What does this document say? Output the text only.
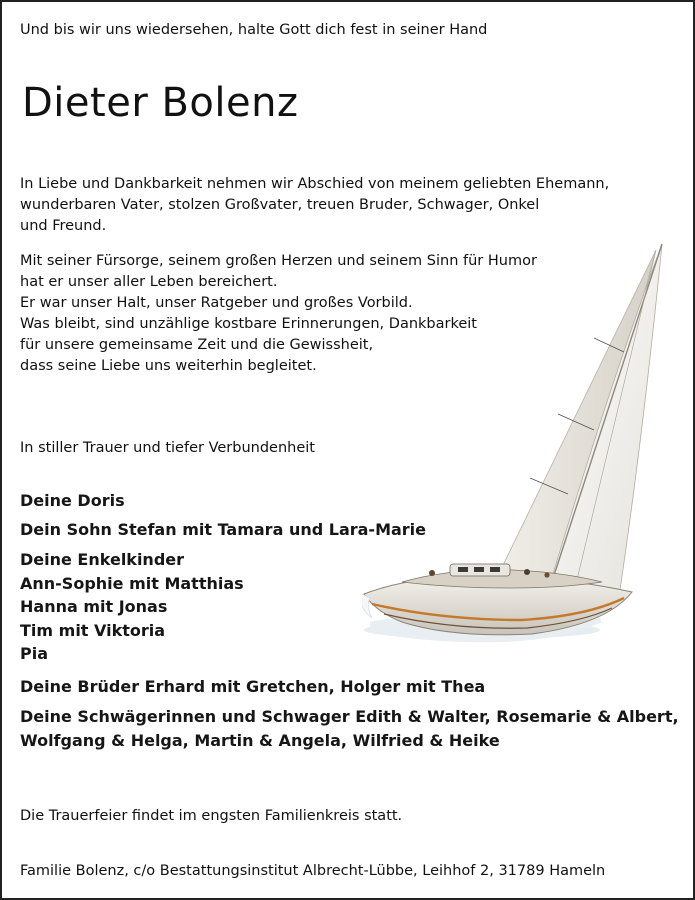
Und bis wir uns wiedersehen, halte Gott dich fest in seiner Hand

Dieter Bolenz

In Liebe und Dankbarkeit nehmen wir Abschied von meinem geliebten Ehemann,
wunderbaren Vater, stolzen Großvater, treuen Bruder, Schwager, Onkel
und Freund.

Mit seiner Fürsorge, seinem großen Herzen und seinem Sinn für Humor
hat er unser aller Leben bereichert.
Er war unser Halt, unser Ratgeber und großes Vorbild.
Was bleibt, sind unzählige kostbare Erinnerungen, Dankbarkeit
für unsere gemeinsame Zeit und die Gewissheit,
dass seine Liebe uns weiterhin begleitet.

In stiller Trauer und tiefer Verbundenheit

Deine Doris

Dein Sohn Stefan mit Tamara und Lara-Marie

Deine Enkelkinder
Ann-Sophie mit Matthias
Hanna mit Jonas
Tim mit Viktoria
Pia

Deine Brüder Erhard mit Gretchen, Holger mit Thea

Deine Schwägerinnen und Schwager Edith & Walter, Rosemarie & Albert,
Wolfgang & Helga, Martin & Angela, Wilfried & Heike

Die Trauerfeier findet im engsten Familienkreis statt.

Familie Bolenz, c/o Bestattungsinstitut Albrecht-Lübbe, Leihhof 2, 31789 Hameln
